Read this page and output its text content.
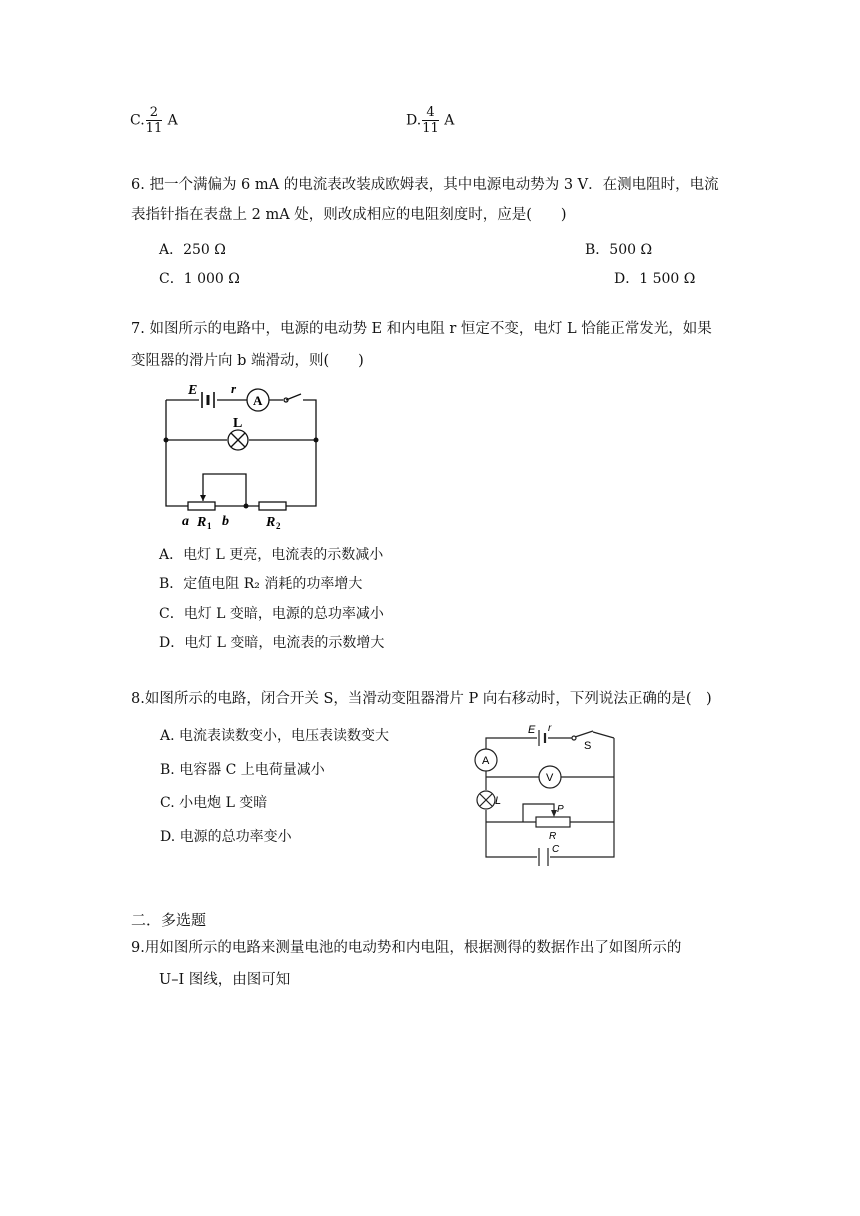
C. $\frac{2}{11}$ A	D. $\frac{4}{11}$ A
6. 把一个满偏为 6 mA 的电流表改装成欧姆表，其中电源电动势为 3 V．在测电阻时，电流
表指针指在表盘上 2 mA 处，则改成相应的电阻刻度时，应是(　　)
A．250 Ω	B．500 Ω
C．1 000 Ω	D．1 500 Ω
7. 如图所示的电路中，电源的电动势 E 和内电阻 r 恒定不变，电灯 L 恰能正常发光，如果
变阻器的滑片向 b 端滑动，则(　　)
E	r
A
L
a R 1 b	R 2
A．电灯 L 更亮，电流表的示数减小
B．定值电阻 R₂ 消耗的功率增大
C．电灯 L 变暗，电源的总功率减小
D．电灯 L 变暗，电流表的示数增大
8.如图所示的电路，闭合开关 S，当滑动变阻器滑片 P 向右移动时，下列说法正确的是(　)
A. 电流表读数变小，电压表读数变大
B. 电容器 C 上电荷量减小
C. 小电炮 L 变暗
D. 电源的总功率变小
E r
S
A
V
L
P
R
C
二．多选题
9.用如图所示的电路来测量电池的电动势和内电阻，根据测得的数据作出了如图所示的
U–I 图线，由图可知
